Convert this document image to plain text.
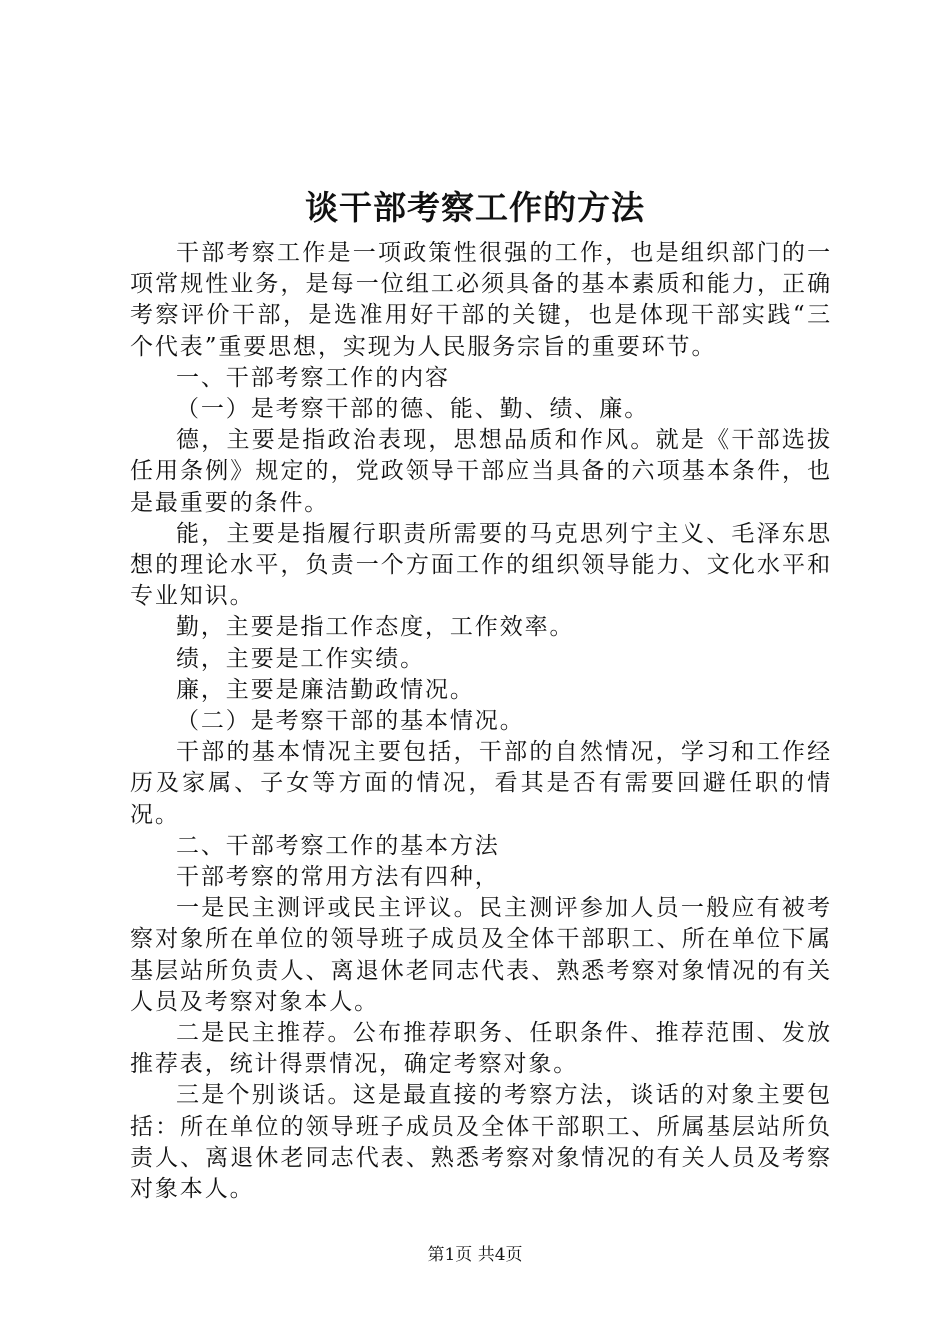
谈干部考察工作的方法

干部考察工作是一项政策性很强的工作，也是组织部门的一项常规性业务，是每一位组工必须具备的基本素质和能力，正确考察评价干部，是选准用好干部的关键，也是体现干部实践“三个代表”重要思想，实现为人民服务宗旨的重要环节。

一、干部考察工作的内容

（一）是考察干部的德、能、勤、绩、廉。

德，主要是指政治表现，思想品质和作风。就是《干部选拔任用条例》规定的，党政领导干部应当具备的六项基本条件，也是最重要的条件。

能，主要是指履行职责所需要的马克思列宁主义、毛泽东思想的理论水平，负责一个方面工作的组织领导能力、文化水平和专业知识。

勤，主要是指工作态度，工作效率。

绩，主要是工作实绩。

廉，主要是廉洁勤政情况。

（二）是考察干部的基本情况。

干部的基本情况主要包括，干部的自然情况，学习和工作经历及家属、子女等方面的情况，看其是否有需要回避任职的情况。

二、干部考察工作的基本方法

干部考察的常用方法有四种，

一是民主测评或民主评议。民主测评参加人员一般应有被考察对象所在单位的领导班子成员及全体干部职工、所在单位下属基层站所负责人、离退休老同志代表、熟悉考察对象情况的有关人员及考察对象本人。

二是民主推荐。公布推荐职务、任职条件、推荐范围、发放推荐表，统计得票情况，确定考察对象。

三是个别谈话。这是最直接的考察方法，谈话的对象主要包括：所在单位的领导班子成员及全体干部职工、所属基层站所负责人、离退休老同志代表、熟悉考察对象情况的有关人员及考察对象本人。

第1页 共4页
